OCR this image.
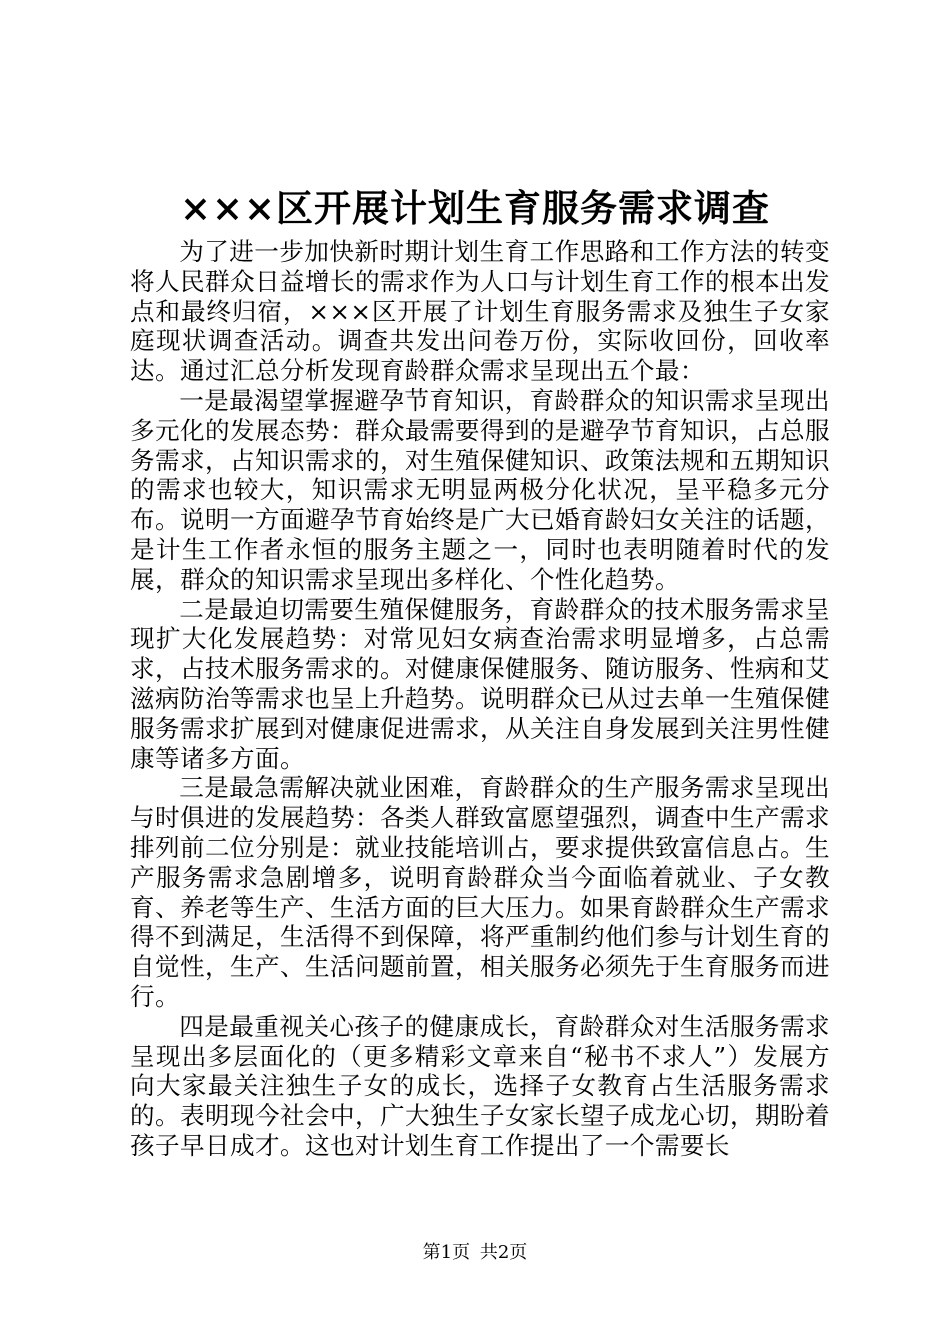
×××区开展计划生育服务需求调查

为了进一步加快新时期计划生育工作思路和工作方法的转变将人民群众日益增长的需求作为人口与计划生育工作的根本出发点和最终归宿，×××区开展了计划生育服务需求及独生子女家庭现状调查活动。调查共发出问卷万份，实际收回份，回收率达。通过汇总分析发现育龄群众需求呈现出五个最：

一是最渴望掌握避孕节育知识，育龄群众的知识需求呈现出多元化的发展态势：群众最需要得到的是避孕节育知识，占总服务需求，占知识需求的，对生殖保健知识、政策法规和五期知识的需求也较大，知识需求无明显两极分化状况，呈平稳多元分布。说明一方面避孕节育始终是广大已婚育龄妇女关注的话题，是计生工作者永恒的服务主题之一，同时也表明随着时代的发展，群众的知识需求呈现出多样化、个性化趋势。

二是最迫切需要生殖保健服务，育龄群众的技术服务需求呈现扩大化发展趋势：对常见妇女病查治需求明显增多，占总需求，占技术服务需求的。对健康保健服务、随访服务、性病和艾滋病防治等需求也呈上升趋势。说明群众已从过去单一生殖保健服务需求扩展到对健康促进需求，从关注自身发展到关注男性健康等诸多方面。

三是最急需解决就业困难，育龄群众的生产服务需求呈现出与时俱进的发展趋势：各类人群致富愿望强烈，调查中生产需求排列前二位分别是：就业技能培训占，要求提供致富信息占。生产服务需求急剧增多，说明育龄群众当今面临着就业、子女教育、养老等生产、生活方面的巨大压力。如果育龄群众生产需求得不到满足，生活得不到保障，将严重制约他们参与计划生育的自觉性，生产、生活问题前置，相关服务必须先于生育服务而进行。

四是最重视关心孩子的健康成长，育龄群众对生活服务需求呈现出多层面化的（更多精彩文章来自“秘书不求人”）发展方向大家最关注独生子女的成长，选择子女教育占生活服务需求的。表明现今社会中，广大独生子女家长望子成龙心切，期盼着孩子早日成才。这也对计划生育工作提出了一个需要长

第1页 共2页
